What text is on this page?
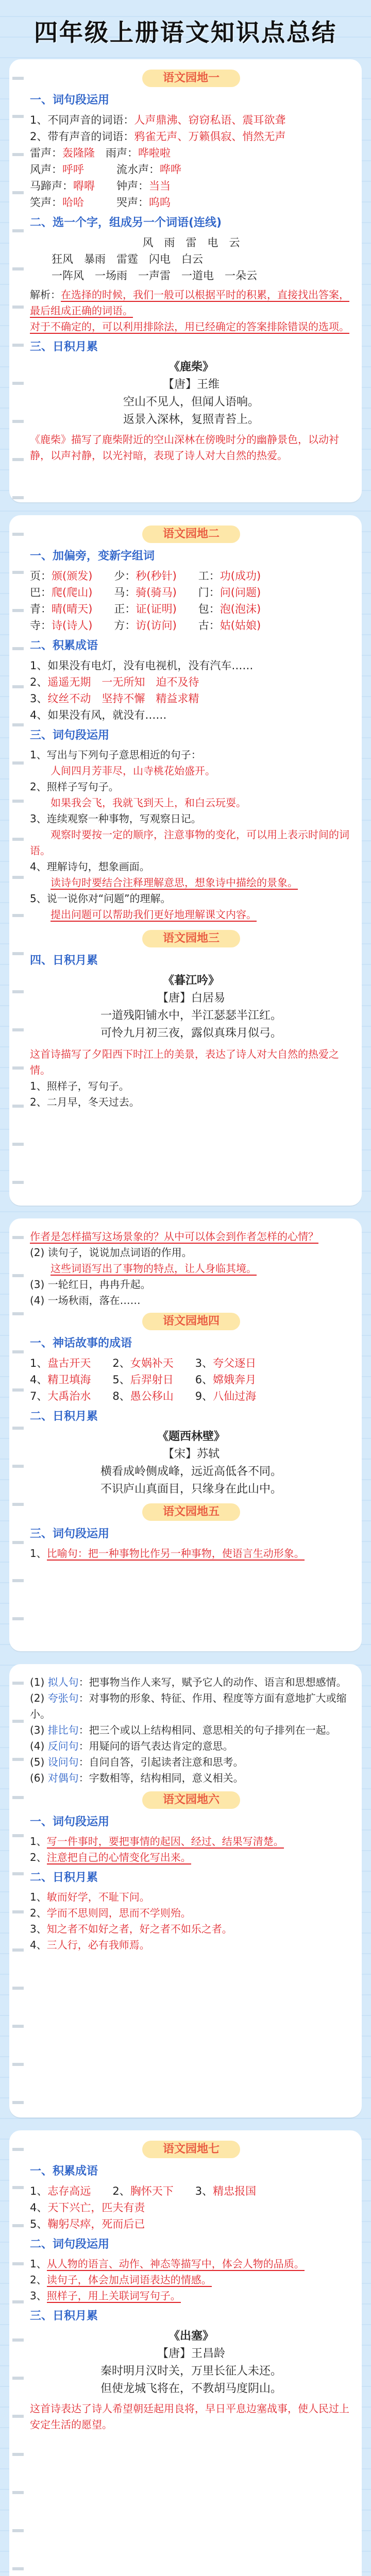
四年级上册语文知识点总结
语文园地一
一、词句段运用
1、不同声音的词语：人声鼎沸、窃窃私语、震耳欲聋
2、带有声音的词语：鸦雀无声、万籁俱寂、悄然无声
雷声：轰隆隆　雨声：哗啦啦
风声：呼呼　　　流水声：哗哗
马蹄声：嘚嘚　　钟声：当当
笑声：哈哈　　　哭声：呜呜
二、选一个字，组成另一个词语(连线)
风　雨　雷　电　云
　　狂风　暴雨　雷霆　闪电　白云
　　一阵风　一场雨　一声雷　一道电　一朵云
解析：在选择的时候，我们一般可以根据平时的积累，直接找出答案，最后组成正确的词语。
对于不确定的，可以利用排除法，用已经确定的答案排除错误的选项。
三、日积月累
《鹿柴》
【唐】王维
空山不见人，但闻人语响。
返景入深林，复照青苔上。
《鹿柴》描写了鹿柴附近的空山深林在傍晚时分的幽静景色，以动衬静，以声衬静，以光衬暗，表现了诗人对大自然的热爱。
语文园地二
一、加偏旁，变新字组词
页：颁(颁发)　　少：秒(秒针)　　工：功(成功)
巴：爬(爬山)　　马：骑(骑马)　　门：问(问题)
青：晴(晴天)　　正：证(证明)　　包：泡(泡沫)
寺：诗(诗人)　　方：访(访问)　　古：姑(姑娘)
二、积累成语
1、如果没有电灯，没有电视机，没有汽车……
2、遥遥无期　一无所知　迫不及待
3、纹丝不动　坚持不懈　精益求精
4、如果没有风，就没有……
三、词句段运用
1、写出与下列句子意思相近的句子：
　　人间四月芳菲尽，山寺桃花始盛开。
2、照样子写句子。
　　如果我会飞，我就飞到天上，和白云玩耍。
3、连续观察一种事物，写观察日记。
　　观察时要按一定的顺序，注意事物的变化，可以用上表示时间的词语。
4、理解诗句，想象画面。
　　读诗句时要结合注释理解意思，想象诗中描绘的景象。
5、说一说你对“问题”的理解。
　　提出问题可以帮助我们更好地理解课文内容。
语文园地三
四、日积月累
《暮江吟》
【唐】白居易
一道残阳铺水中，半江瑟瑟半江红。
可怜九月初三夜，露似真珠月似弓。
这首诗描写了夕阳西下时江上的美景，表达了诗人对大自然的热爱之情。
1、照样子，写句子。
2、二月早，冬天过去。
作者是怎样描写这场景象的？从中可以体会到作者怎样的心情？
(2) 读句子，说说加点词语的作用。
　　这些词语写出了事物的特点，让人身临其境。
(3) 一轮红日，冉冉升起。
(4) 一场秋雨，落在……
语文园地四
一、神话故事的成语
1、盘古开天　　2、女娲补天　　3、夸父逐日
4、精卫填海　　5、后羿射日　　6、嫦娥奔月
7、大禹治水　　8、愚公移山　　9、八仙过海
二、日积月累
《题西林壁》
【宋】苏轼
横看成岭侧成峰，远近高低各不同。
不识庐山真面目，只缘身在此山中。
语文园地五
三、词句段运用
1、比喻句：把一种事物比作另一种事物，使语言生动形象。
(1) 拟人句：把事物当作人来写，赋予它人的动作、语言和思想感情。
(2) 夸张句：对事物的形象、特征、作用、程度等方面有意地扩大或缩小。
(3) 排比句：把三个或以上结构相同、意思相关的句子排列在一起。
(4) 反问句：用疑问的语气表达肯定的意思。
(5) 设问句：自问自答，引起读者注意和思考。
(6) 对偶句：字数相等，结构相同，意义相关。
语文园地六
一、词句段运用
1、写一件事时，要把事情的起因、经过、结果写清楚。
2、注意把自己的心情变化写出来。
二、日积月累
1、敏而好学，不耻下问。
2、学而不思则罔，思而不学则殆。
3、知之者不如好之者，好之者不如乐之者。
4、三人行，必有我师焉。
语文园地七
一、积累成语
1、志存高远　　2、胸怀天下　　3、精忠报国
4、天下兴亡，匹夫有责
5、鞠躬尽瘁，死而后已
二、词句段运用
1、从人物的语言、动作、神态等描写中，体会人物的品质。
2、读句子，体会加点词语表达的情感。
3、照样子，用上关联词写句子。
三、日积月累
《出塞》
【唐】王昌龄
秦时明月汉时关，万里长征人未还。
但使龙城飞将在，不教胡马度阴山。
这首诗表达了诗人希望朝廷起用良将，早日平息边塞战事，使人民过上安定生活的愿望。
